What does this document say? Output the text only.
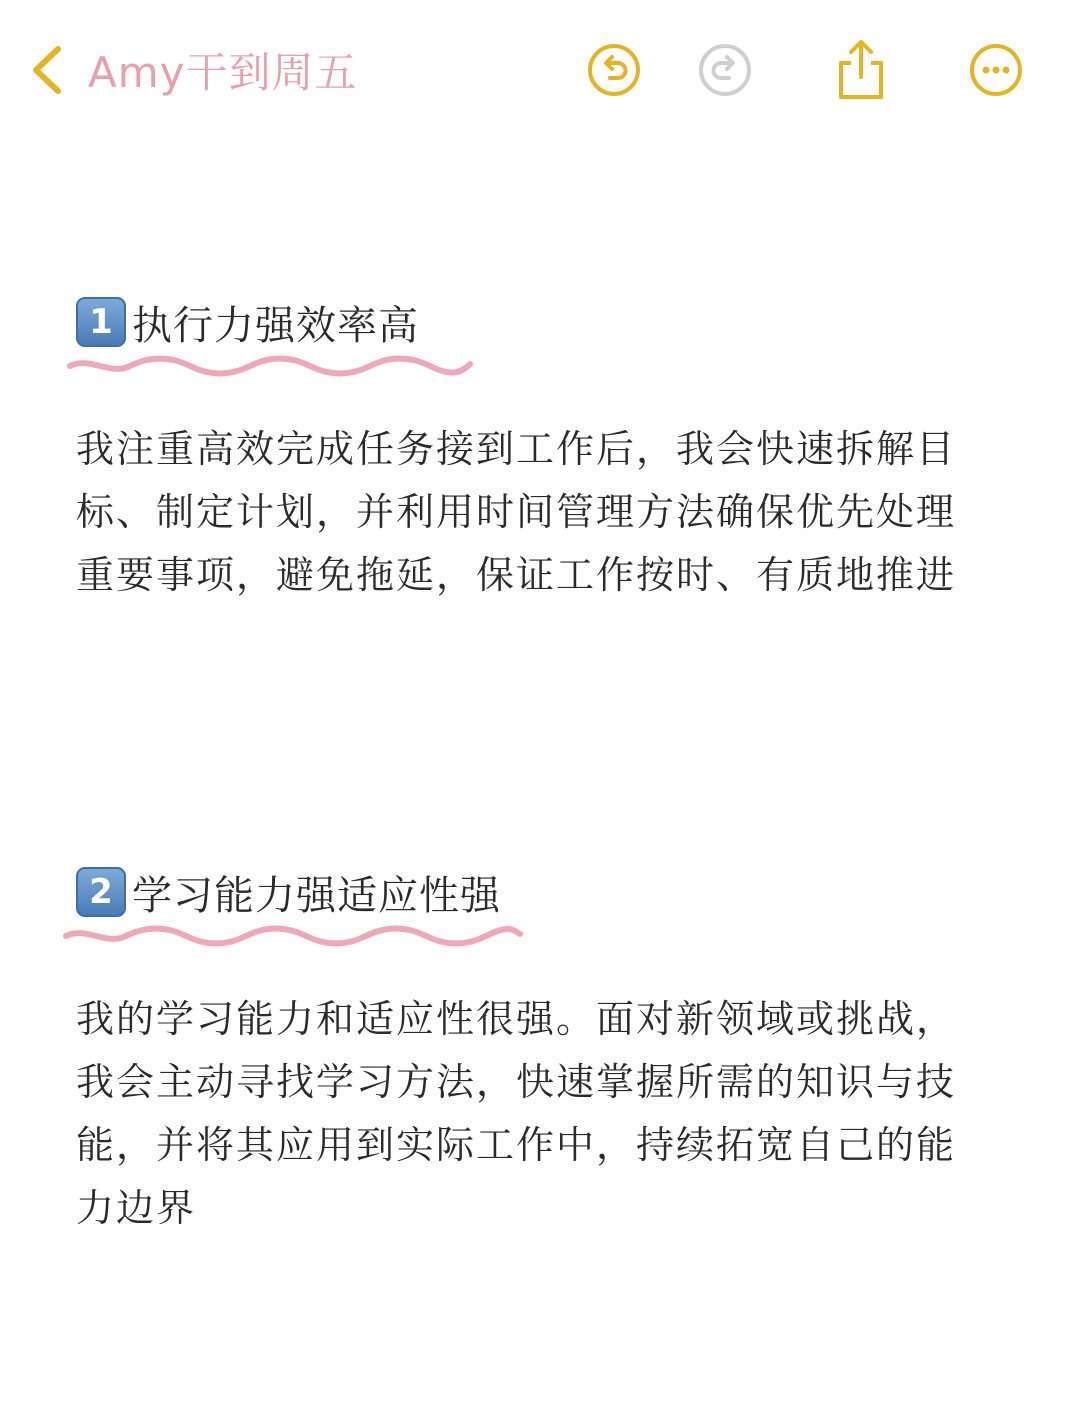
Amy干到周五
1 执行力强效率高

我注重高效完成任务接到工作后，我会快速拆解目
标、制定计划，并利用时间管理方法确保优先处理
重要事项，避免拖延，保证工作按时、有质地推进

2 学习能力强适应性强

我的学习能力和适应性很强。面对新领域或挑战，
我会主动寻找学习方法，快速掌握所需的知识与技
能，并将其应用到实际工作中，持续拓宽自己的能
力边界
